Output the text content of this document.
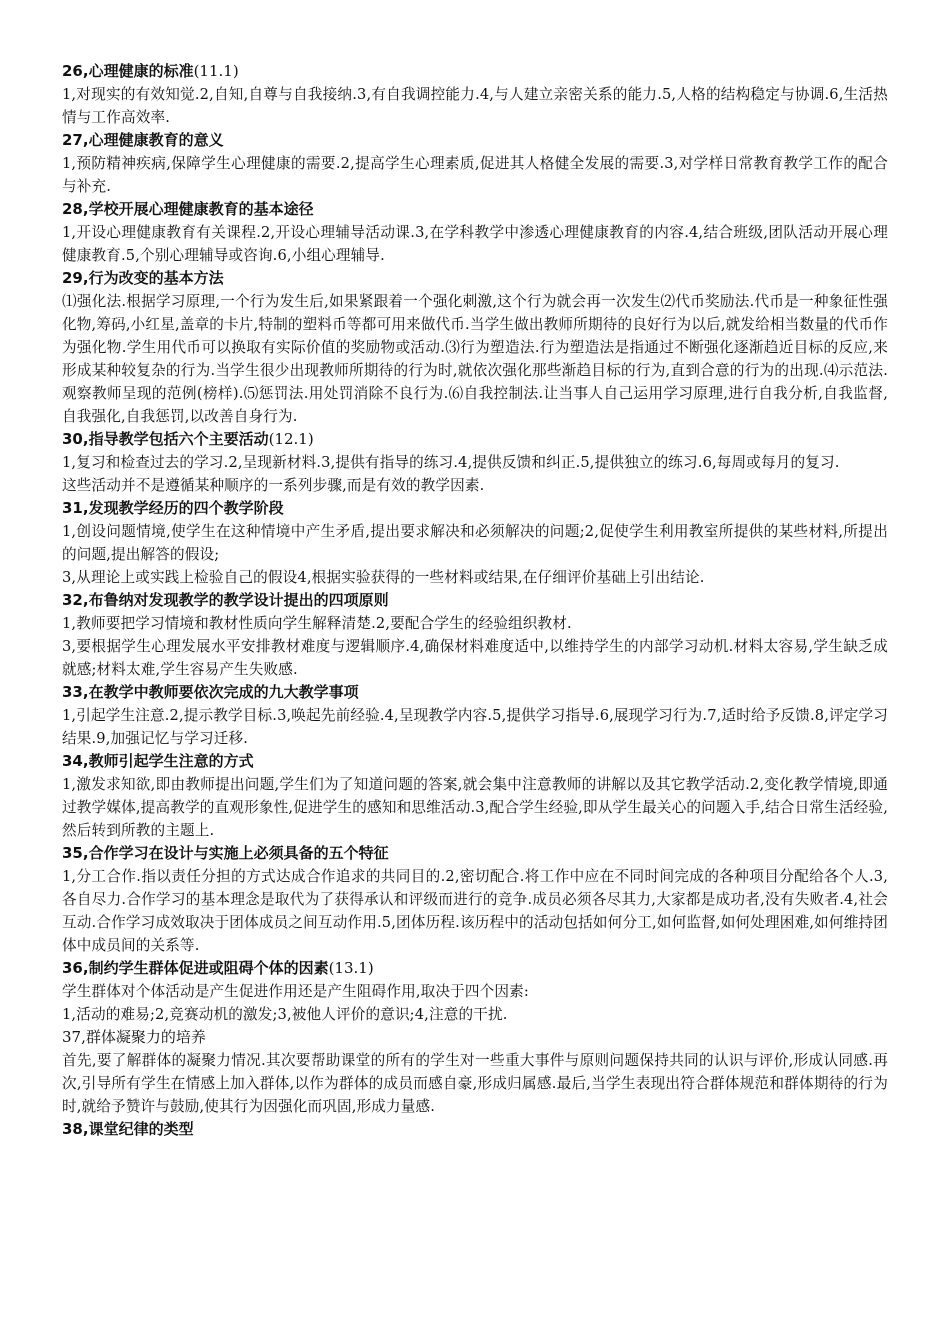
26,心理健康的标准(11.1)
1,对现实的有效知觉.2,自知,自尊与自我接纳.3,有自我调控能力.4,与人建立亲密关系的能力.5,人格的结构稳定与协调.6,生活热情与工作高效率.
27,心理健康教育的意义
1,预防精神疾病,保障学生心理健康的需要.2,提高学生心理素质,促进其人格健全发展的需要.3,对学样日常教育教学工作的配合与补充.
28,学校开展心理健康教育的基本途径
1,开设心理健康教育有关课程.2,开设心理辅导活动课.3,在学科教学中渗透心理健康教育的内容.4,结合班级,团队活动开展心理健康教育.5,个别心理辅导或咨询.6,小组心理辅导.
29,行为改变的基本方法
⑴强化法.根据学习原理,一个行为发生后,如果紧跟着一个强化刺激,这个行为就会再一次发生⑵代币奖励法.代币是一种象征性强化物,筹码,小红星,盖章的卡片,特制的塑料币等都可用来做代币.当学生做出教师所期待的良好行为以后,就发给相当数量的代币作为强化物.学生用代币可以换取有实际价值的奖励物或活动.⑶行为塑造法.行为塑造法是指通过不断强化逐渐趋近目标的反应,来形成某种较复杂的行为.当学生很少出现教师所期待的行为时,就依次强化那些渐趋目标的行为,直到合意的行为的出现.⑷示范法.观察教师呈现的范例(榜样).⑸惩罚法.用处罚消除不良行为.⑹自我控制法.让当事人自己运用学习原理,进行自我分析,自我监督,自我强化,自我惩罚,以改善自身行为.
30,指导教学包括六个主要活动(12.1)
1,复习和检查过去的学习.2,呈现新材料.3,提供有指导的练习.4,提供反馈和纠正.5,提供独立的练习.6,每周或每月的复习.
这些活动并不是遵循某种顺序的一系列步骤,而是有效的教学因素.
31,发现教学经历的四个教学阶段
1,创设问题情境,使学生在这种情境中产生矛盾,提出要求解决和必须解决的问题;2,促使学生利用教室所提供的某些材料,所提出的问题,提出解答的假设;
3,从理论上或实践上检验自己的假设4,根据实验获得的一些材料或结果,在仔细评价基础上引出结论.
32,布鲁纳对发现教学的教学设计提出的四项原则
1,教师要把学习情境和教材性质向学生解释清楚.2,要配合学生的经验组织教材.
3,要根据学生心理发展水平安排教材难度与逻辑顺序.4,确保材料难度适中,以维持学生的内部学习动机.材料太容易,学生缺乏成就感;材料太难,学生容易产生失败感.
33,在教学中教师要依次完成的九大教学事项
1,引起学生注意.2,提示教学目标.3,唤起先前经验.4,呈现教学内容.5,提供学习指导.6,展现学习行为.7,适时给予反馈.8,评定学习结果.9,加强记忆与学习迁移.
34,教师引起学生注意的方式
1,激发求知欲,即由教师提出问题,学生们为了知道问题的答案,就会集中注意教师的讲解以及其它教学活动.2,变化教学情境,即通过教学媒体,提高教学的直观形象性,促进学生的感知和思维活动.3,配合学生经验,即从学生最关心的问题入手,结合日常生活经验,然后转到所教的主题上.
35,合作学习在设计与实施上必须具备的五个特征
1,分工合作.指以责任分担的方式达成合作追求的共同目的.2,密切配合.将工作中应在不同时间完成的各种项目分配给各个人.3,各自尽力.合作学习的基本理念是取代为了获得承认和评级而进行的竞争.成员必须各尽其力,大家都是成功者,没有失败者.4,社会互动.合作学习成效取决于团体成员之间互动作用.5,团体历程.该历程中的活动包括如何分工,如何监督,如何处理困难,如何维持团体中成员间的关系等.
36,制约学生群体促进或阻碍个体的因素(13.1)
学生群体对个体活动是产生促进作用还是产生阻碍作用,取决于四个因素:
1,活动的难易;2,竞赛动机的激发;3,被他人评价的意识;4,注意的干扰.
37,群体凝聚力的培养
首先,要了解群体的凝聚力情况.其次要帮助课堂的所有的学生对一些重大事件与原则问题保持共同的认识与评价,形成认同感.再次,引导所有学生在情感上加入群体,以作为群体的成员而感自豪,形成归属感.最后,当学生表现出符合群体规范和群体期待的行为时,就给予赞许与鼓励,使其行为因强化而巩固,形成力量感.
38,课堂纪律的类型
